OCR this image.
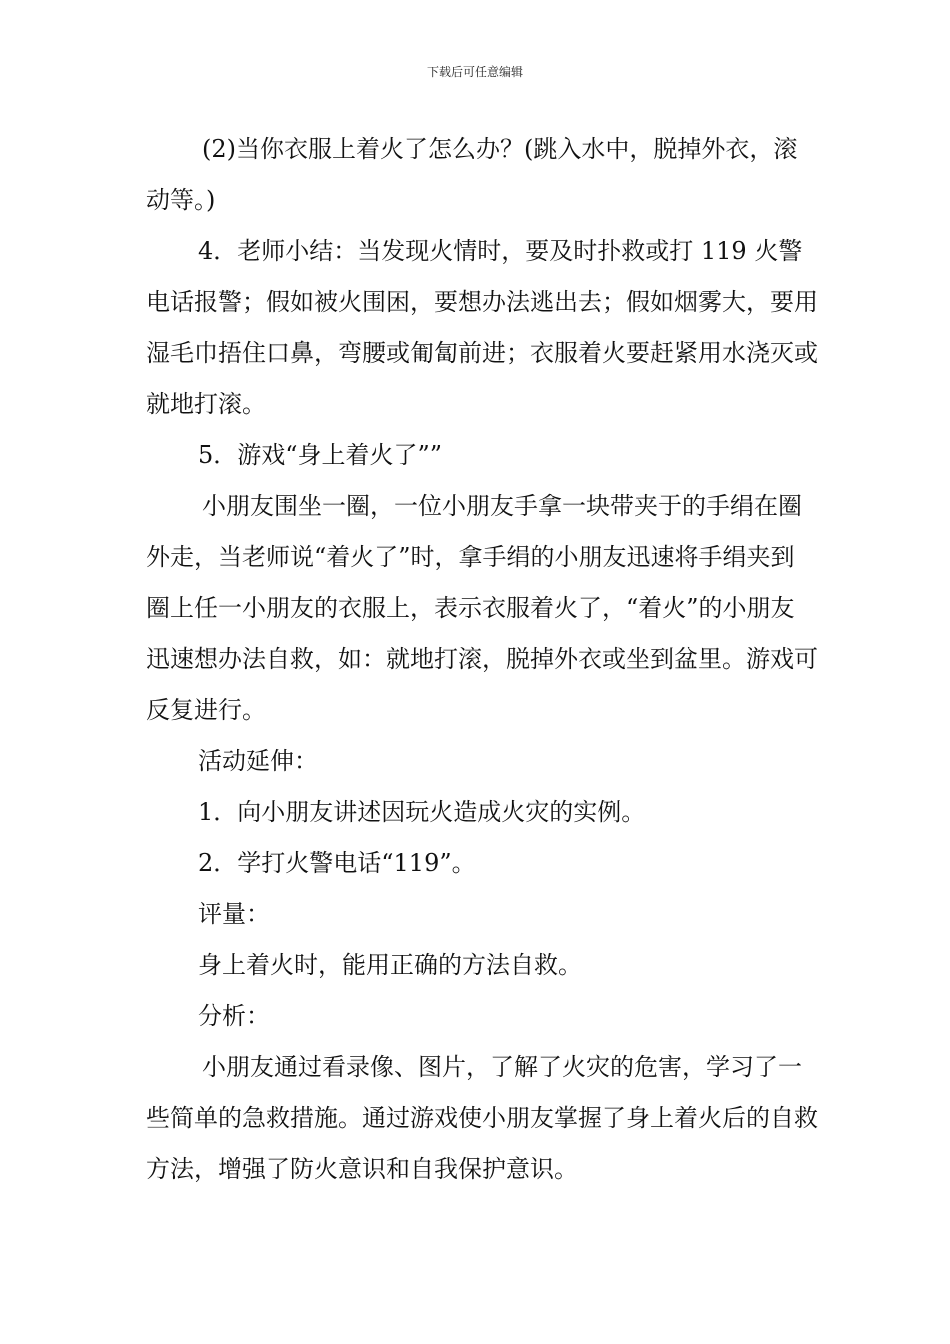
下载后可任意编辑

(2)当你衣服上着火了怎么办？(跳入水中，脱掉外衣，滚动等。)

4．老师小结：当发现火情时，要及时扑救或打 119 火警电话报警；假如被火围困，要想办法逃出去；假如烟雾大，要用湿毛巾捂住口鼻，弯腰或匍匐前进；衣服着火要赶紧用水浇灭或就地打滚。

5．游戏“身上着火了””

小朋友围坐一圈，一位小朋友手拿一块带夹于的手绢在圈外走，当老师说“着火了”时，拿手绢的小朋友迅速将手绢夹到圈上任一小朋友的衣服上，表示衣服着火了，“着火”的小朋友迅速想办法自救，如：就地打滚，脱掉外衣或坐到盆里。游戏可反复进行。

活动延伸：

1．向小朋友讲述因玩火造成火灾的实例。

2．学打火警电话“119”。

评量：

身上着火时，能用正确的方法自救。

分析：

小朋友通过看录像、图片，了解了火灾的危害，学习了一些简单的急救措施。通过游戏使小朋友掌握了身上着火后的自救方法，增强了防火意识和自我保护意识。
